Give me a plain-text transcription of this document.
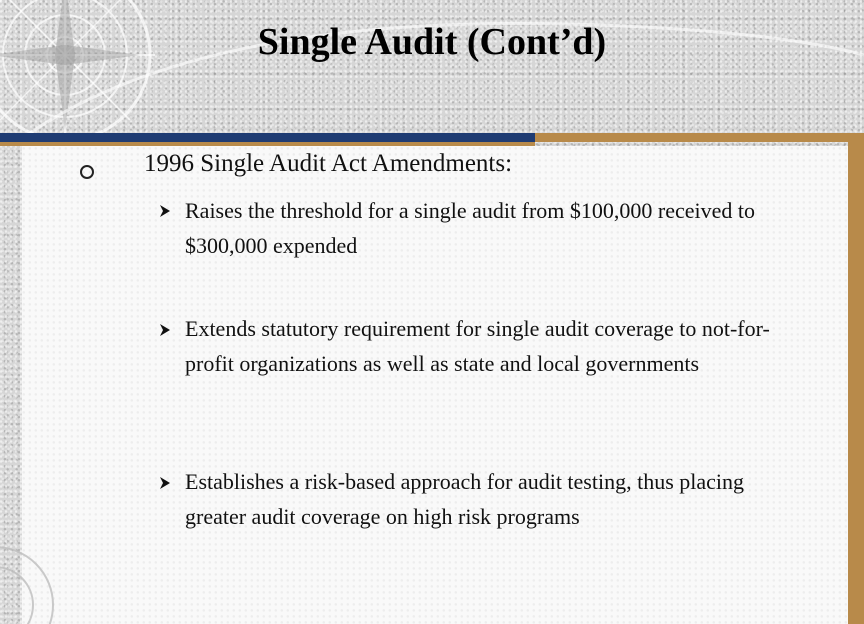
Single Audit (Cont’d)
1996 Single Audit Act Amendments:
Raises the threshold for a single audit from $100,000 received to $300,000 expended
Extends statutory requirement for single audit coverage to not-for-profit organizations as well as state and local governments
Establishes a risk-based approach for audit testing, thus placing greater audit coverage on high risk programs
